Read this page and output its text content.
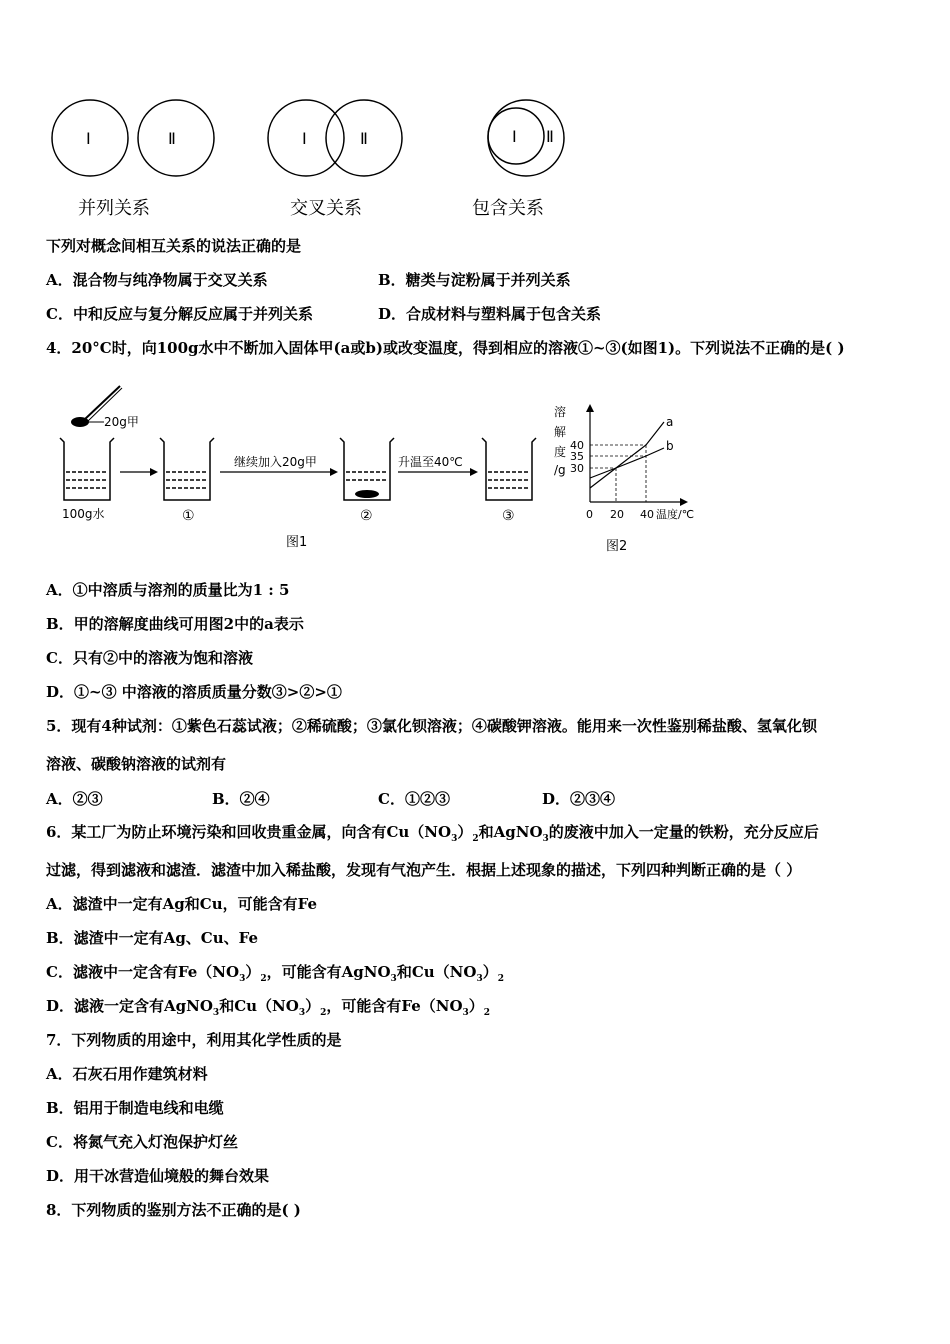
Ⅰ	Ⅱ	Ⅰ	Ⅱ	Ⅰ Ⅱ
并列关系	交叉关系	包含关系
下列对概念间相互关系的说法正确的是
A．混合物与纯净物属于交叉关系	B．糖类与淀粉属于并列关系
C．中和反应与复分解反应属于并列关系	D．合成材料与塑料属于包含关系
4．20°C时，向100g水中不断加入固体甲(a或b)或改变温度，得到相应的溶液①~③(如图1)。下列说法不正确的是( )
20g甲
100g水	①
继续加入20g甲
②
升温至40℃
③
图1
溶
解
度
/g
40
35
30
0 20 40 温度/℃
a
b
图2
A．①中溶质与溶剂的质量比为1 : 5
B．甲的溶解度曲线可用图2中的a表示
C．只有②中的溶液为饱和溶液
D．①~③ 中溶液的溶质质量分数③>②>①
5．现有4种试剂：①紫色石蕊试液；②稀硫酸；③氯化钡溶液；④碳酸钾溶液。能用来一次性鉴别稀盐酸、氢氧化钡
溶液、碳酸钠溶液的试剂有
A．②③	B．②④	C．①②③	D．②③④
6．某工厂为防止环境污染和回收贵重金属，向含有$Cu(NO_3)_2$和AgNO$_3$的废液中加入一定量的铁粉，充分反应后
过滤，得到滤液和滤渣．滤渣中加入稀盐酸，发现有气泡产生．根据上述现象的描述，下列四种判断正确的是（ ）
A．滤渣中一定有Ag和Cu，可能含有Fe
B．滤渣中一定有Ag、Cu、Fe
C．滤液中一定含有$Fe(NO_3)_2$，可能含有AgNO$_3$和$Cu(NO_3)_2$
D．滤液一定含有AgNO$_3$和$Cu(NO_3)_2$，可能含有$Fe(NO_3)_2$
7．下列物质的用途中，利用其化学性质的是
A．石灰石用作建筑材料
B．铝用于制造电线和电缆
C．将氮气充入灯泡保护灯丝
D．用干冰营造仙境般的舞台效果
8．下列物质的鉴别方法不正确的是( )
